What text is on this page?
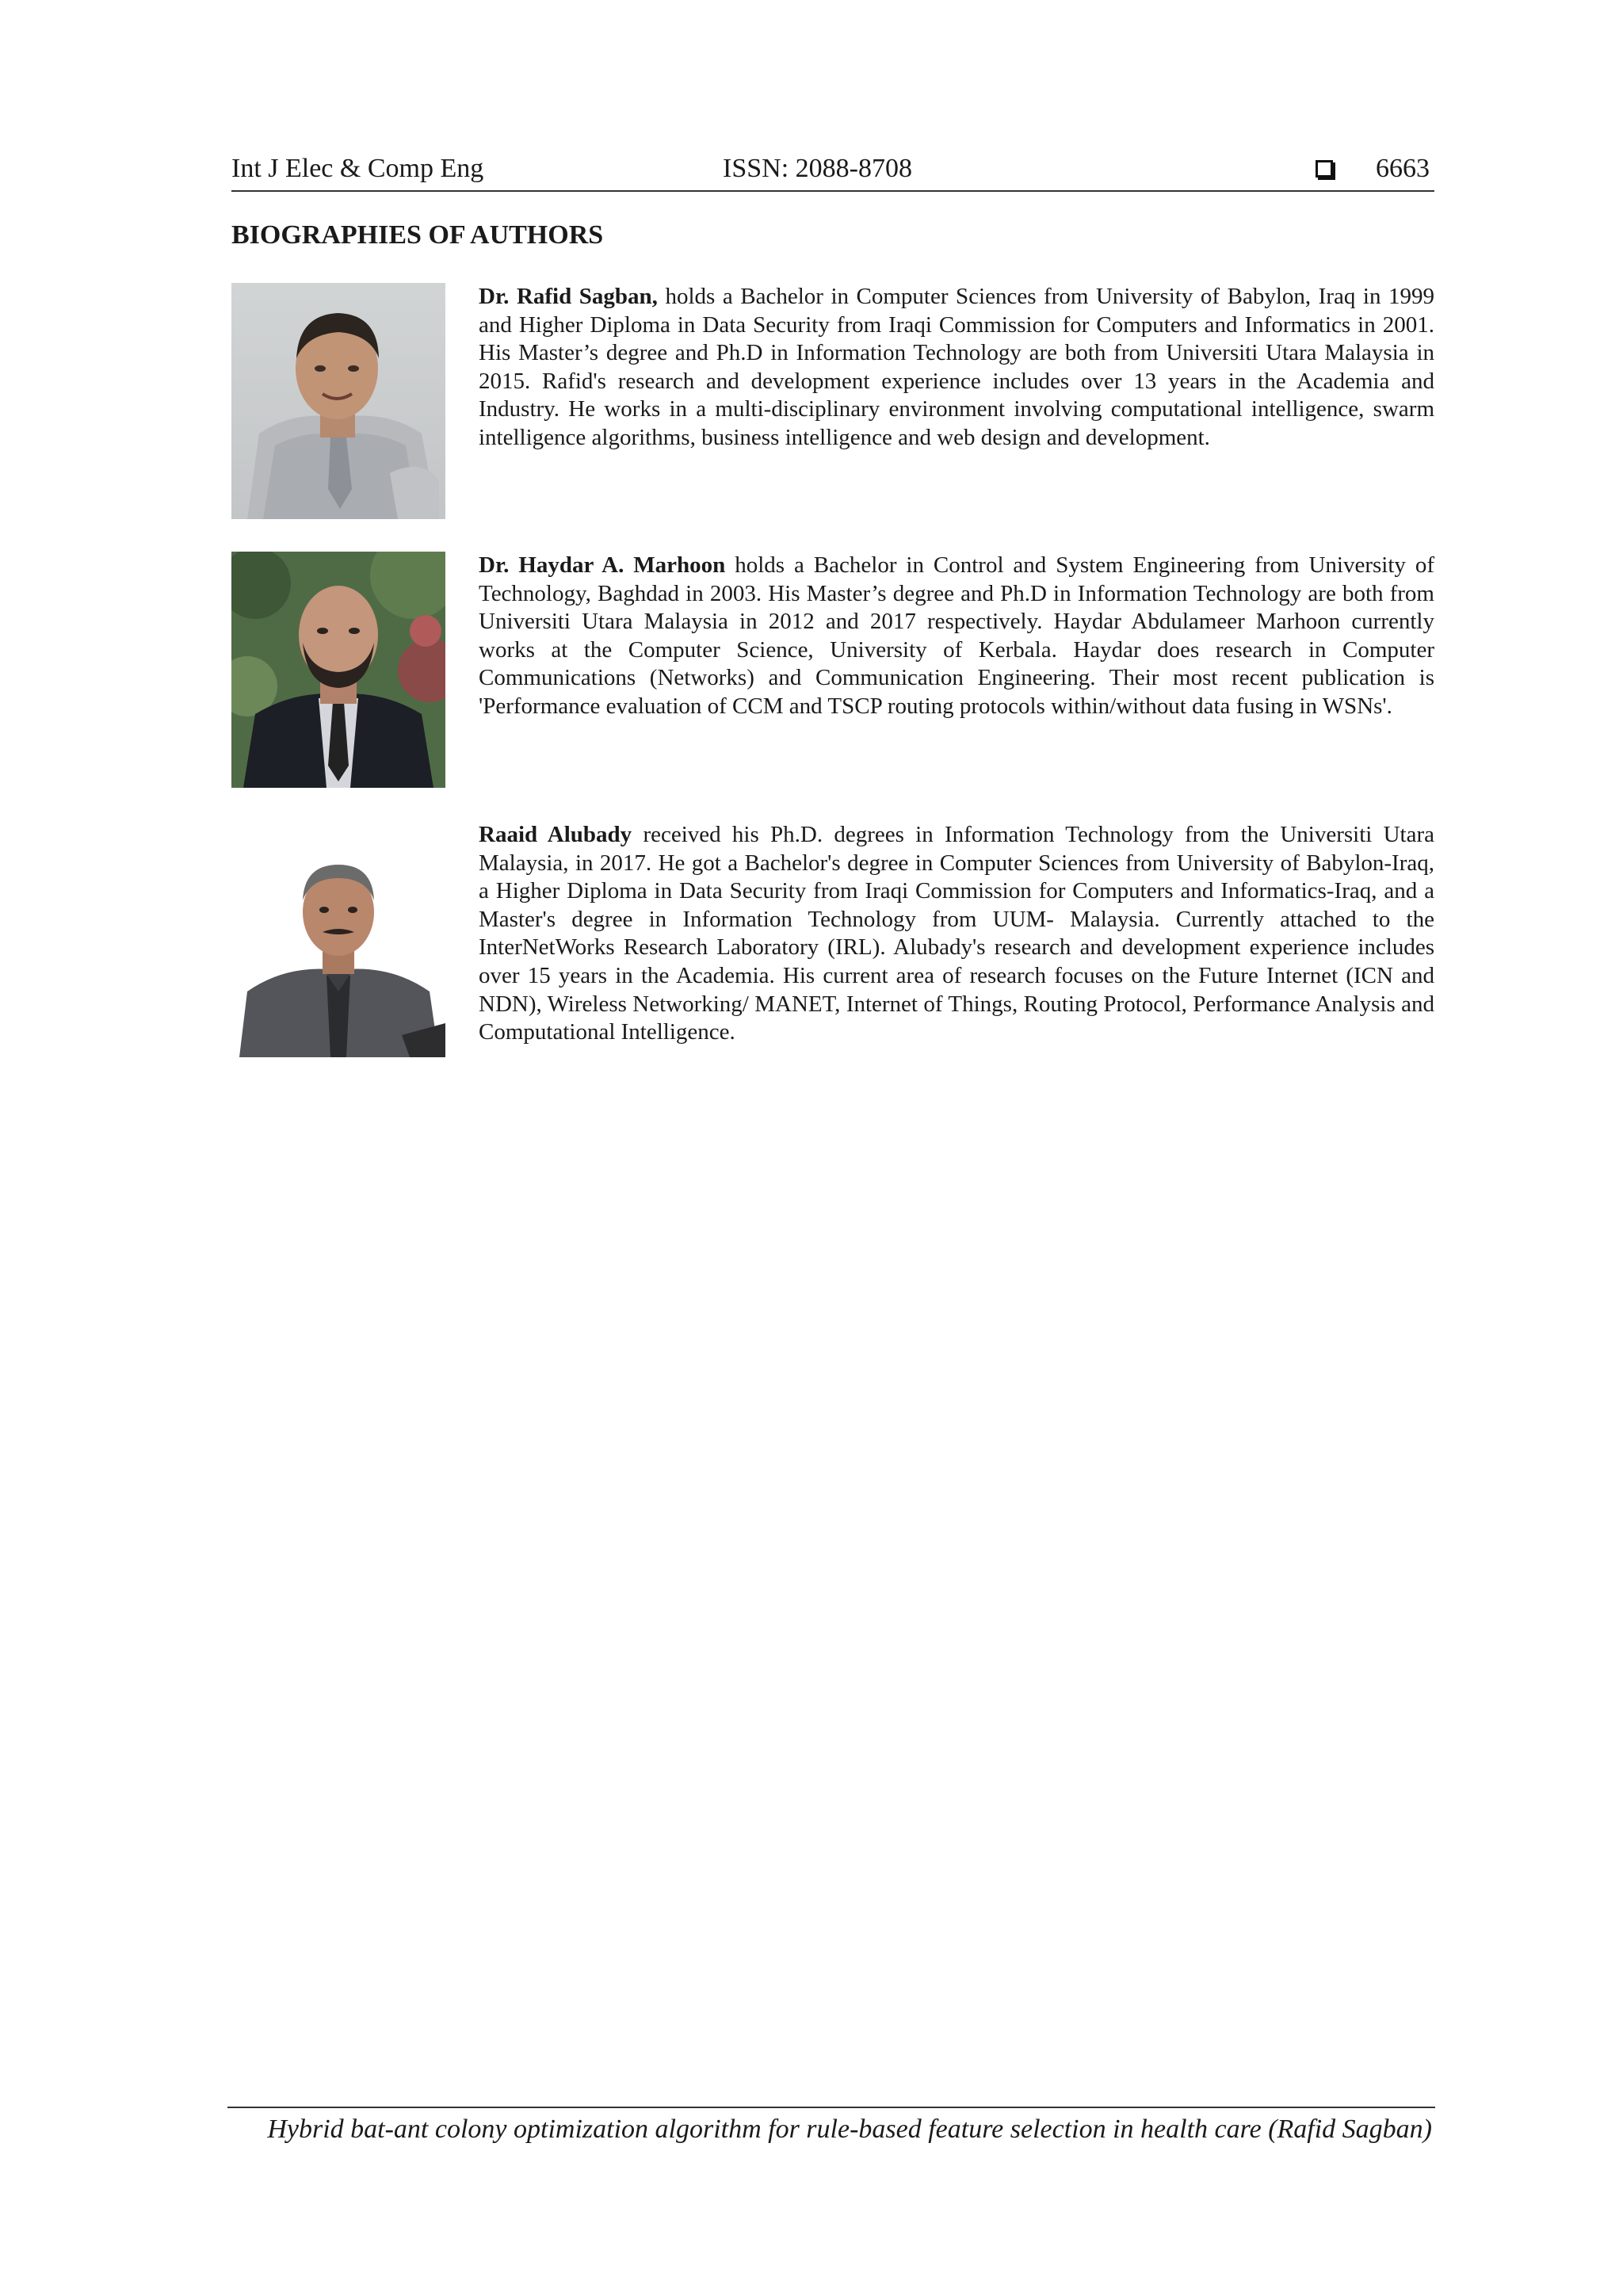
Int J Elec & Comp Eng	ISSN: 2088-8708	6663
BIOGRAPHIES OF AUTHORS

Dr. Rafid Sagban, holds a Bachelor in Computer Sciences from University of Babylon, Iraq in 1999 and Higher Diploma in Data Security from Iraqi Commission for Computers and Informatics in 2001. His Master’s degree and Ph.D in Information Technology are both from Universiti Utara Malaysia in 2015. Rafid's research and development experience includes over 13 years in the Academia and Industry. He works in a multi-disciplinary environment involving computational intelligence, swarm intelligence algorithms, business intelligence and web design and development.

Dr. Haydar A. Marhoon holds a Bachelor in Control and System Engineering from University of Technology, Baghdad in 2003. His Master’s degree and Ph.D in Information Technology are both from Universiti Utara Malaysia in 2012 and 2017 respectively. Haydar Abdulameer Marhoon currently works at the Computer Science, University of Kerbala. Haydar does research in Computer Communications (Networks) and Communication Engineering. Their most recent publication is 'Performance evaluation of CCM and TSCP routing protocols within/without data fusing in WSNs'.

Raaid Alubady received his Ph.D. degrees in Information Technology from the Universiti Utara Malaysia, in 2017. He got a Bachelor's degree in Computer Sciences from University of Babylon-Iraq, a Higher Diploma in Data Security from Iraqi Commission for Computers and Informatics-Iraq, and a Master's degree in Information Technology from UUM- Malaysia. Currently attached to the InterNetWorks Research Laboratory (IRL). Alubady's research and development experience includes over 15 years in the Academia. His current area of research focuses on the Future Internet (ICN and NDN), Wireless Networking/ MANET, Internet of Things, Routing Protocol, Performance Analysis and Computational Intelligence.

Hybrid bat-ant colony optimization algorithm for rule-based feature selection in health care (Rafid Sagban)
